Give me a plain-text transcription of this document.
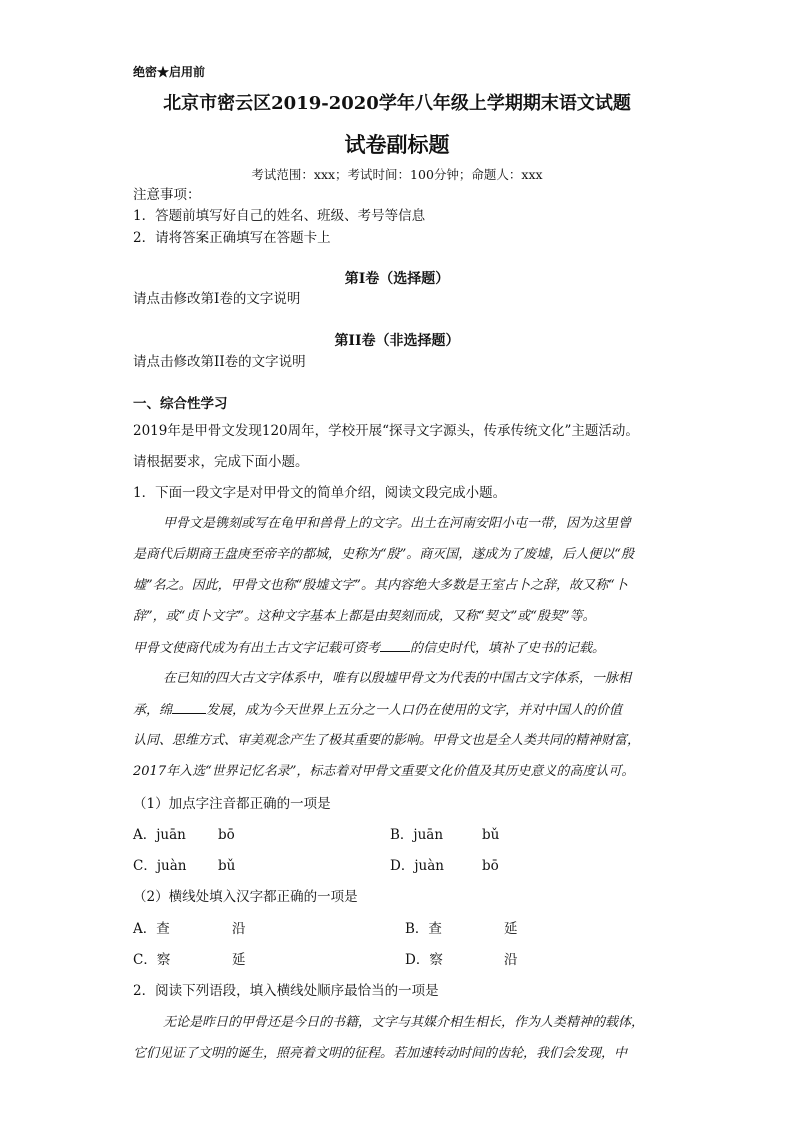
绝密★启用前
北京市密云区2019-2020学年八年级上学期期末语文试题
试卷副标题
考试范围：xxx；考试时间：100分钟；命题人：xxx
注意事项：
1．答题前填写好自己的姓名、班级、考号等信息
2．请将答案正确填写在答题卡上
第I卷（选择题）
请点击修改第I卷的文字说明
第II卷（非选择题）
请点击修改第II卷的文字说明
一、综合性学习
2019年是甲骨文发现120周年，学校开展“探寻文字源头，传承传统文化”主题活动。
请根据要求，完成下面小题。
1．下面一段文字是对甲骨文的简单介绍，阅读文段完成小题。
甲骨文是镌刻或写在龟甲和兽骨上的文字。出土在河南安阳小屯一带，因为这里曾
是商代后期商王盘庚至帝辛的都城，史称为“殷”。商灭国，遂成为了废墟，后人便以“殷
墟”名之。因此，甲骨文也称“殷墟文字”。其内容绝大多数是王室占卜之辞，故又称“卜
辞”，或“贞卜文字”。这种文字基本上都是由契刻而成，又称“契文”或“殷契”等。
甲骨文使商代成为有出土古文字记载可资考 的信史时代，填补了史书的记载。
在已知的四大古文字体系中，唯有以殷墟甲骨文为代表的中国古文字体系，一脉相
承，绵	发展，成为今天世界上五分之一人口仍在使用的文字，并对中国人的价值
认同、思维方式、审美观念产生了极其重要的影响。甲骨文也是全人类共同的精神财富，
2017年入选“世界记忆名录”，标志着对甲骨文重要文化价值及其历史意义的高度认可。
（1）加点字注音都正确的一项是
A．juān bō	B．juān	bǔ
C．juàn bǔ	D．juàn	bō
（2）横线处填入汉字都正确的一项是
A．查	沿	B．查	延
C．察	延	D．察	沿
2．阅读下列语段，填入横线处顺序最恰当的一项是
无论是昨日的甲骨还是今日的书籍，文字与其媒介相生相长，作为人类精神的载体，
它们见证了文明的诞生，照亮着文明的征程。若加速转动时间的齿轮，我们会发现，中
